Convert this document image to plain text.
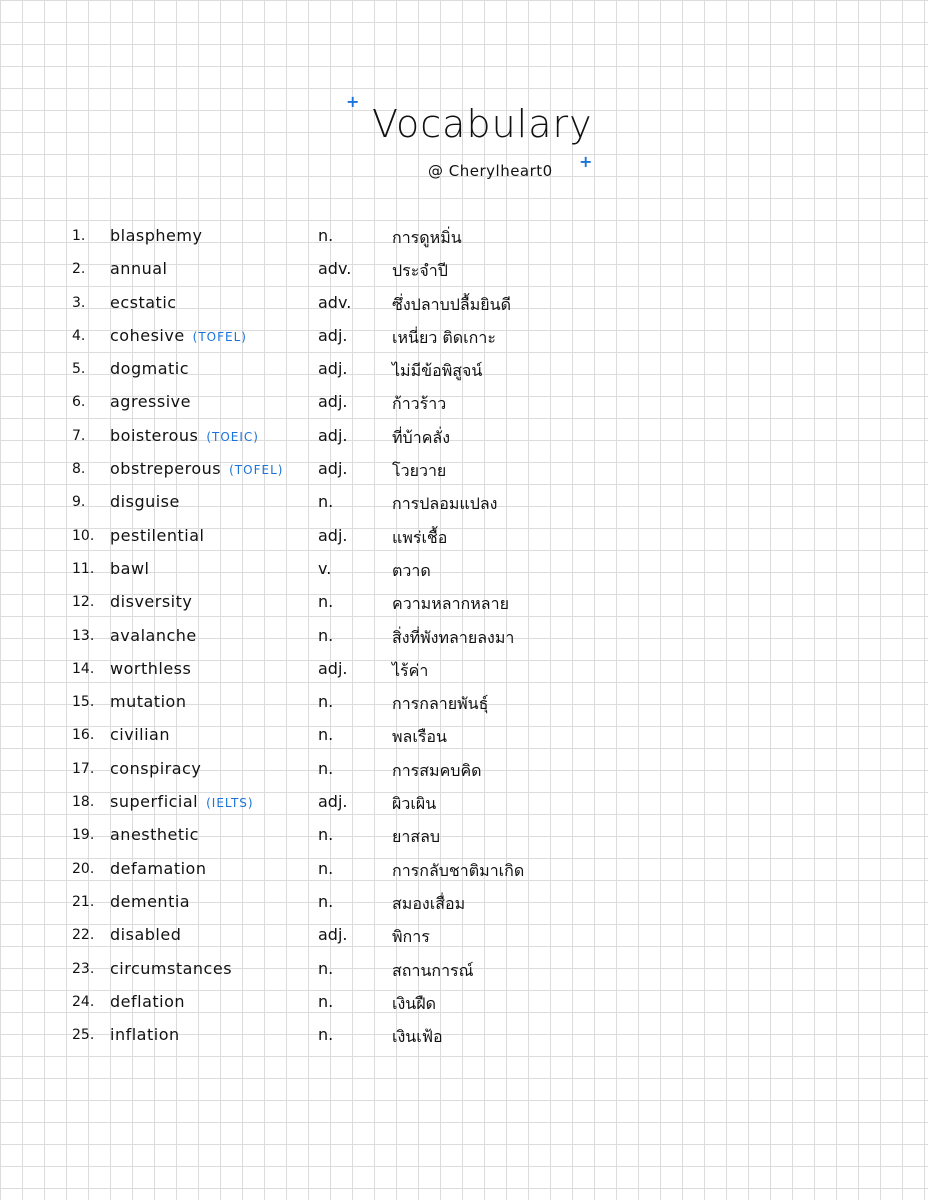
+
Vocabulary
@ Cherylheart0 +
1. blasphemy	n.	การดูหมิ่น
2. annual	adv.	ประจำปี
3. ecstatic	adv.	ซึ่งปลาบปลื้มยินดี
4. cohesive (TOFEL)	adj.	เหนี่ยว ติดเกาะ
5. dogmatic	adj.	ไม่มีข้อพิสูจน์
6. agressive	adj.	ก้าวร้าว
7. boisterous (TOEIC)	adj.	ที่บ้าคลั่ง
8. obstreperous (TOFEL) adj.	โวยวาย
9. disguise	n.	การปลอมแปลง
10. pestilential	adj.	แพร่เชื้อ
11. bawl	v.	ตวาด
12. disversity	n.	ความหลากหลาย
13. avalanche	n.	สิ่งที่พังทลายลงมา
14. worthless	adj.	ไร้ค่า
15. mutation	n.	การกลายพันธุ์
16. civilian	n.	พลเรือน
17. conspiracy	n.	การสมคบคิด
18. superficial (IELTS)	adj.	ผิวเผิน
19. anesthetic	n.	ยาสลบ
20. defamation	n.	การกลับชาติมาเกิด
21. dementia	n.	สมองเสื่อม
22. disabled	adj.	พิการ
23. circumstances	n.	สถานการณ์
24. deflation	n.	เงินฝืด
25. inflation	n.	เงินเฟ้อ
